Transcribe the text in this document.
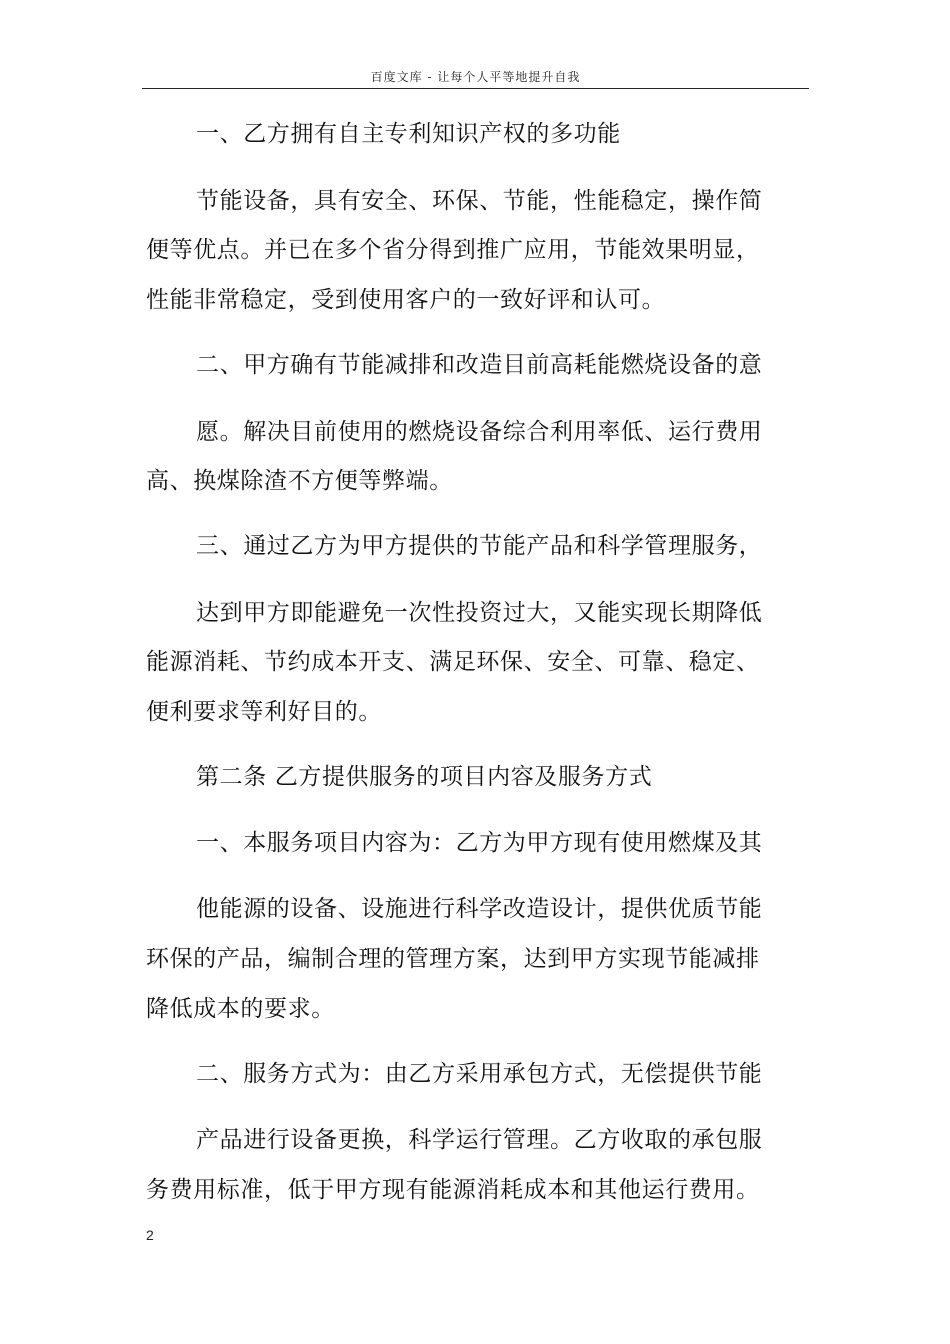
百度文库 - 让每个人平等地提升自我
一、乙方拥有自主专利知识产权的多功能
节能设备，具有安全、环保、节能，性能稳定，操作简
便等优点。并已在多个省分得到推广应用，节能效果明显，
性能非常稳定，受到使用客户的一致好评和认可。
二、甲方确有节能减排和改造目前高耗能燃烧设备的意
愿。解决目前使用的燃烧设备综合利用率低、运行费用
高、换煤除渣不方便等弊端。
三、通过乙方为甲方提供的节能产品和科学管理服务，
达到甲方即能避免一次性投资过大，又能实现长期降低
能源消耗、节约成本开支、满足环保、安全、可靠、稳定、
便利要求等利好目的。
第二条 乙方提供服务的项目内容及服务方式
一、本服务项目内容为：乙方为甲方现有使用燃煤及其
他能源的设备、设施进行科学改造设计，提供优质节能
环保的产品，编制合理的管理方案，达到甲方实现节能减排
降低成本的要求。
二、服务方式为：由乙方采用承包方式，无偿提供节能
产品进行设备更换，科学运行管理。乙方收取的承包服
务费用标准，低于甲方现有能源消耗成本和其他运行费用。
2
